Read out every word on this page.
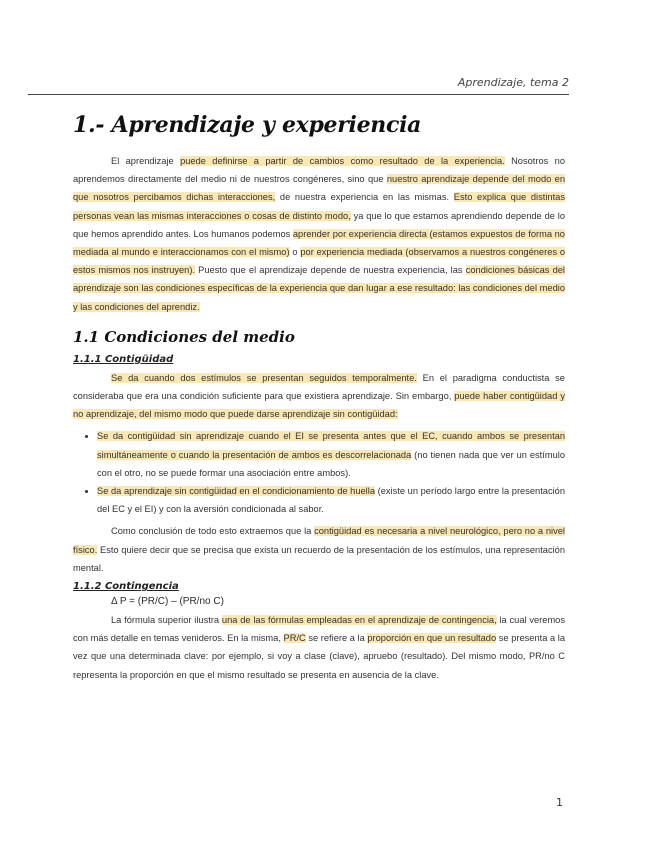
Aprendizaje, tema 2
1.- Aprendizaje y experiencia

El aprendizaje puede definirse a partir de cambios como resultado de la experiencia. Nosotros no aprendemos directamente del medio ni de nuestros congéneres, sino que nuestro aprendizaje depende del modo en que nosotros percibamos dichas interacciones, de nuestra experiencia en las mismas. Esto explica que distintas personas vean las mismas interacciones o cosas de distinto modo, ya que lo que estamos aprendiendo depende de lo que hemos aprendido antes. Los humanos podemos aprender por experiencia directa (estamos expuestos de forma no mediada al mundo e interaccionamos con el mismo) o por experiencia mediada (observamos a nuestros congéneres o estos mismos nos instruyen). Puesto que el aprendizaje depende de nuestra experiencia, las condiciones básicas del aprendizaje son las condiciones específicas de la experiencia que dan lugar a ese resultado: las condiciones del medio y las condiciones del aprendiz.

1.1 Condiciones del medio
1.1.1 Contigüidad

Se da cuando dos estímulos se presentan seguidos temporalmente. En el paradigma conductista se consideraba que era una condición suficiente para que existiera aprendizaje. Sin embargo, puede haber contigüidad y no aprendizaje, del mismo modo que puede darse aprendizaje sin contigüidad:

• Se da contigüidad sin aprendizaje cuando el EI se presenta antes que el EC, cuando ambos se presentan simultáneamente o cuando la presentación de ambos es descorrelacionada (no tienen nada que ver un estímulo con el otro, no se puede formar una asociación entre ambos).
• Se da aprendizaje sin contigüidad en el condicionamiento de huella (existe un período largo entre la presentación del EC y el EI) y con la aversión condicionada al sabor.

Como conclusión de todo esto extraemos que la contigüidad es necesaria a nivel neurológico, pero no a nivel físico. Esto quiere decir que se precisa que exista un recuerdo de la presentación de los estímulos, una representación mental.

1.1.2 Contingencia
Δ P = (PR/C) – (PR/no C)

La fórmula superior ilustra una de las fórmulas empleadas en el aprendizaje de contingencia, la cual veremos con más detalle en temas venideros. En la misma, PR/C se refiere a la proporción en que un resultado se presenta a la vez que una determinada clave: por ejemplo, si voy a clase (clave), apruebo (resultado). Del mismo modo, PR/no C representa la proporción en que el mismo resultado se presenta en ausencia de la clave.

1
